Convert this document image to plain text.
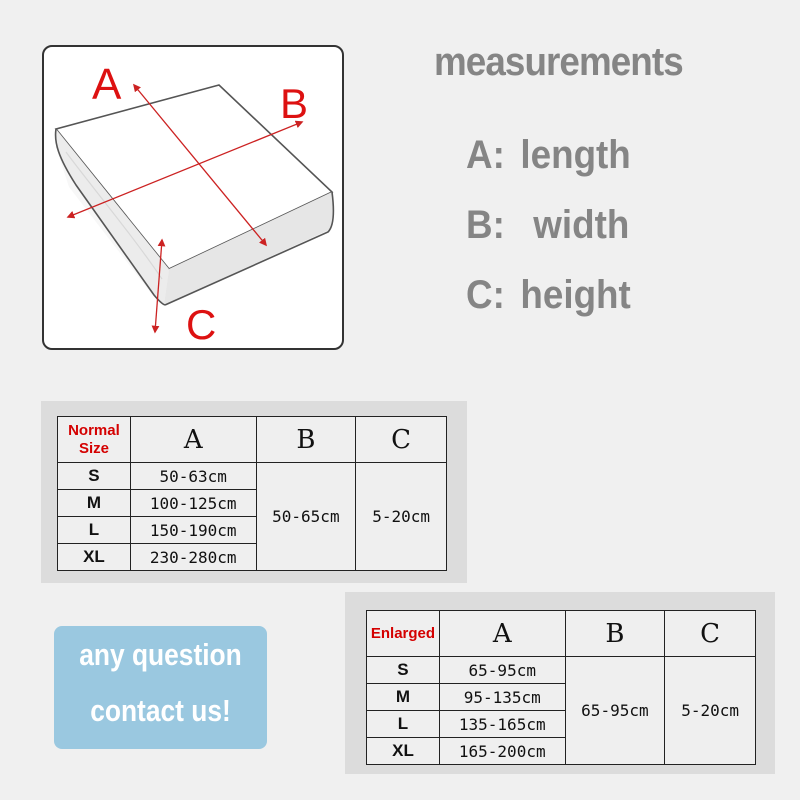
A	B
C
measurements
A: length
B: width
C: height
Normal
Size	A	B	C
S	50-63cm	50-65cm	5-20cm
M	100-125cm		
L	150-190cm		
XL	230-280cm		
any question
contact us!
Enlarged	A	B	C
S	65-95cm	65-95cm	5-20cm
M	95-135cm		
L	135-165cm		
XL	165-200cm		
